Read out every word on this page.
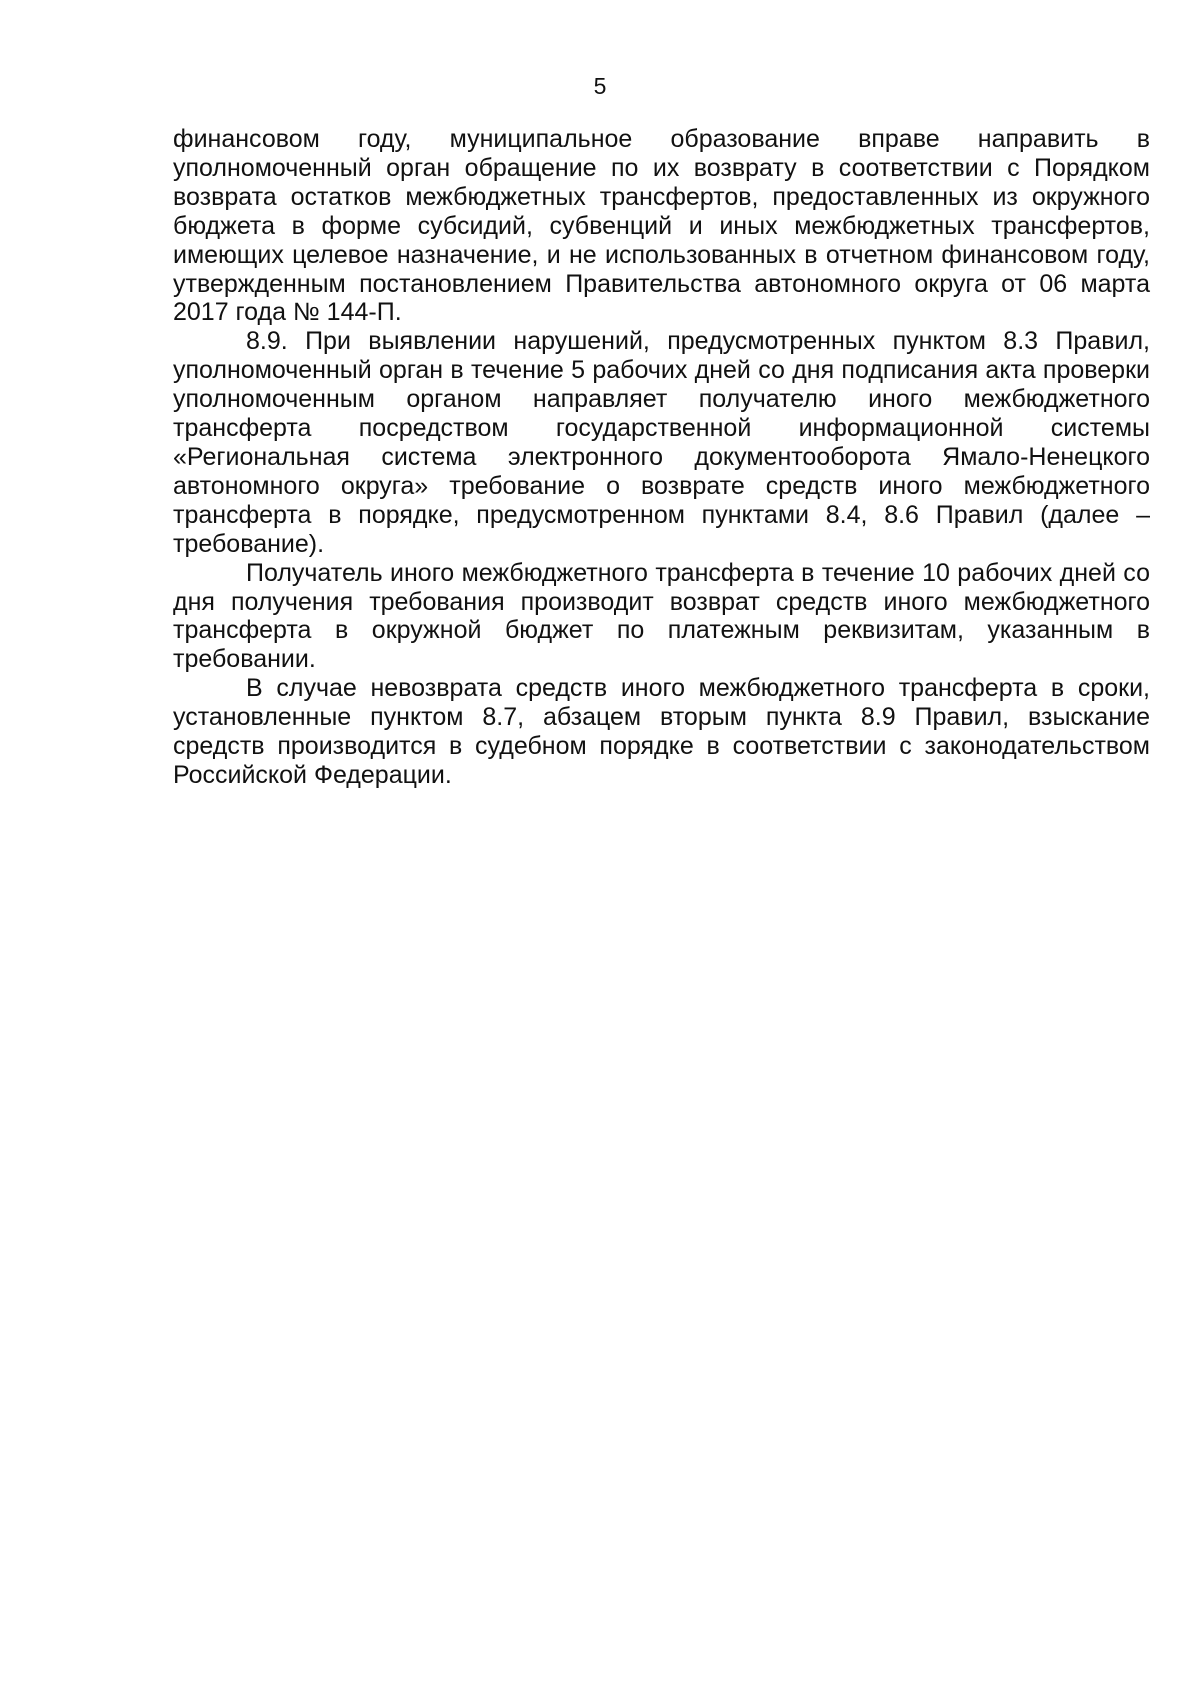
5

финансовом году, муниципальное образование вправе направить в уполномоченный орган обращение по их возврату в соответствии с Порядком возврата остатков межбюджетных трансфертов, предоставленных из окружного бюджета в форме субсидий, субвенций и иных межбюджетных трансфертов, имеющих целевое назначение, и не использованных в отчетном финансовом году, утвержденным постановлением Правительства автономного округа от 06 марта 2017 года № 144-П.

8.9. При выявлении нарушений, предусмотренных пунктом 8.3 Правил, уполномоченный орган в течение 5 рабочих дней со дня подписания акта проверки уполномоченным органом направляет получателю иного межбюджетного трансферта посредством государственной информационной системы «Региональная система электронного документооборота Ямало-Ненецкого автономного округа» требование о возврате средств иного межбюджетного трансферта в порядке, предусмотренном пунктами 8.4, 8.6 Правил (далее – требование).

Получатель иного межбюджетного трансферта в течение 10 рабочих дней со дня получения требования производит возврат средств иного межбюджетного трансферта в окружной бюджет по платежным реквизитам, указанным в требовании.

В случае невозврата средств иного межбюджетного трансферта в сроки, установленные пунктом 8.7, абзацем вторым пункта 8.9 Правил, взыскание средств производится в судебном порядке в соответствии с законодательством Российской Федерации.
